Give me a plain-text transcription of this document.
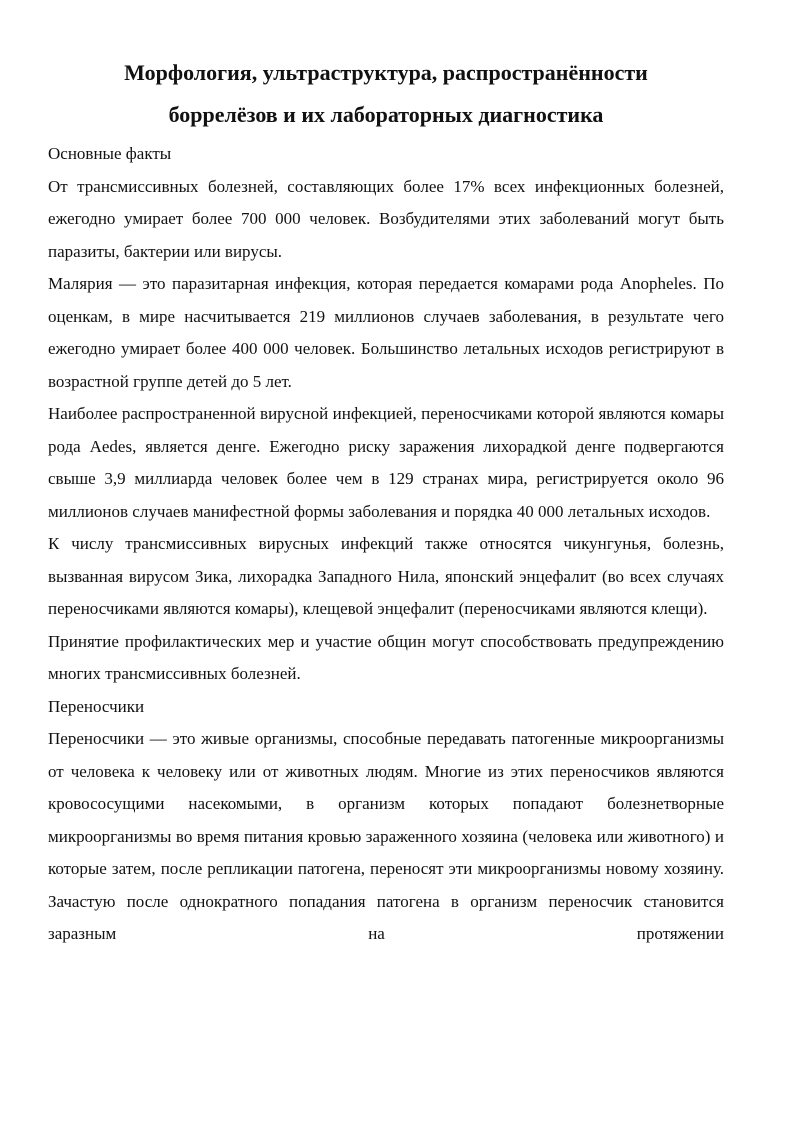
Морфология, ультраструктура, распространённости
боррелёзов и их лабораторных диагностика

Основные факты

От трансмиссивных болезней, составляющих более 17% всех инфекционных болезней, ежегодно умирает более 700 000 человек. Возбудителями этих заболеваний могут быть паразиты, бактерии или вирусы.

Малярия — это паразитарная инфекция, которая передается комарами рода Anopheles. По оценкам, в мире насчитывается 219 миллионов случаев заболевания, в результате чего ежегодно умирает более 400 000 человек. Большинство летальных исходов регистрируют в возрастной группе детей до 5 лет.

Наиболее распространенной вирусной инфекцией, переносчиками которой являются комары рода Aedes, является денге. Ежегодно риску заражения лихорадкой денге подвергаются свыше 3,9 миллиарда человек более чем в 129 странах мира, регистрируется около 96 миллионов случаев манифестной формы заболевания и порядка 40 000 летальных исходов.

К числу трансмиссивных вирусных инфекций также относятся чикунгунья, болезнь, вызванная вирусом Зика, лихорадка Западного Нила, японский энцефалит (во всех случаях переносчиками являются комары), клещевой энцефалит (переносчиками являются клещи).

Принятие профилактических мер и участие общин могут способствовать предупреждению многих трансмиссивных болезней.

Переносчики

Переносчики — это живые организмы, способные передавать патогенные микроорганизмы от человека к человеку или от животных людям. Многие из этих переносчиков являются кровососущими насекомыми, в организм которых попадают болезнетворные микроорганизмы во время питания кровью зараженного хозяина (человека или животного) и которые затем, после репликации патогена, переносят эти микроорганизмы новому хозяину. Зачастую после однократного попадания патогена в организм переносчик становится заразным на протяжении
